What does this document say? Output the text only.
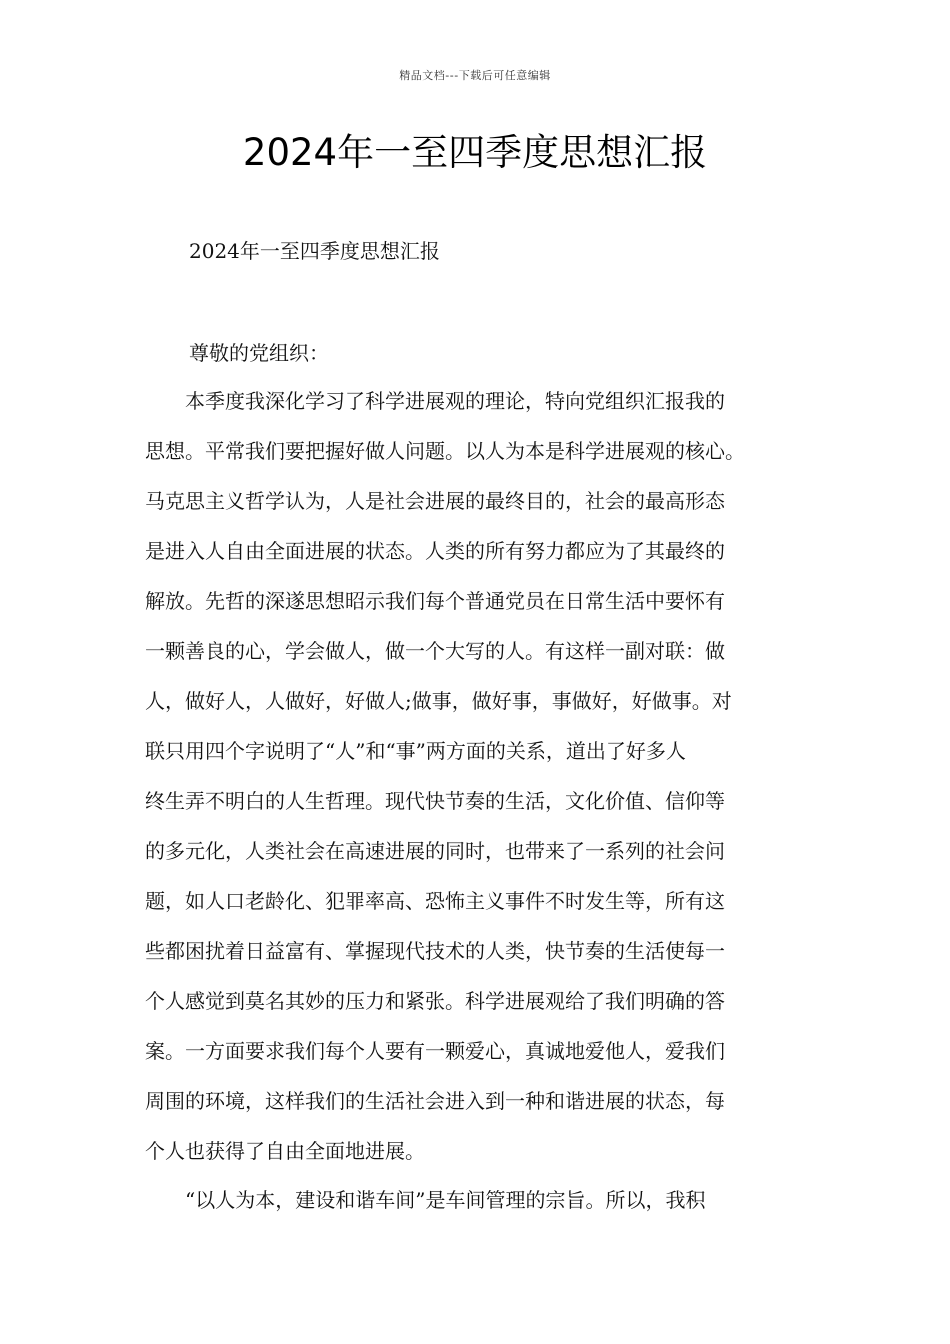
精品文档---下载后可任意编辑
2024年一至四季度思想汇报

2024年一至四季度思想汇报

尊敬的党组织：

　　本季度我深化学习了科学进展观的理论，特向党组织汇报我的
思想。平常我们要把握好做人问题。以人为本是科学进展观的核心。
马克思主义哲学认为，人是社会进展的最终目的，社会的最高形态
是进入人自由全面进展的状态。人类的所有努力都应为了其最终的
解放。先哲的深遂思想昭示我们每个普通党员在日常生活中要怀有
一颗善良的心，学会做人，做一个大写的人。有这样一副对联：做
人，做好人，人做好，好做人;做事，做好事，事做好，好做事。对
联只用四个字说明了“人”和“事”两方面的关系，道出了好多人
终生弄不明白的人生哲理。现代快节奏的生活，文化价值、信仰等
的多元化，人类社会在高速进展的同时，也带来了一系列的社会问
题，如人口老龄化、犯罪率高、恐怖主义事件不时发生等，所有这
些都困扰着日益富有、掌握现代技术的人类，快节奏的生活使每一
个人感觉到莫名其妙的压力和紧张。科学进展观给了我们明确的答
案。一方面要求我们每个人要有一颗爱心，真诚地爱他人，爱我们
周围的环境，这样我们的生活社会进入到一种和谐进展的状态，每
个人也获得了自由全面地进展。

　　“以人为本，建设和谐车间”是车间管理的宗旨。所以，我积
